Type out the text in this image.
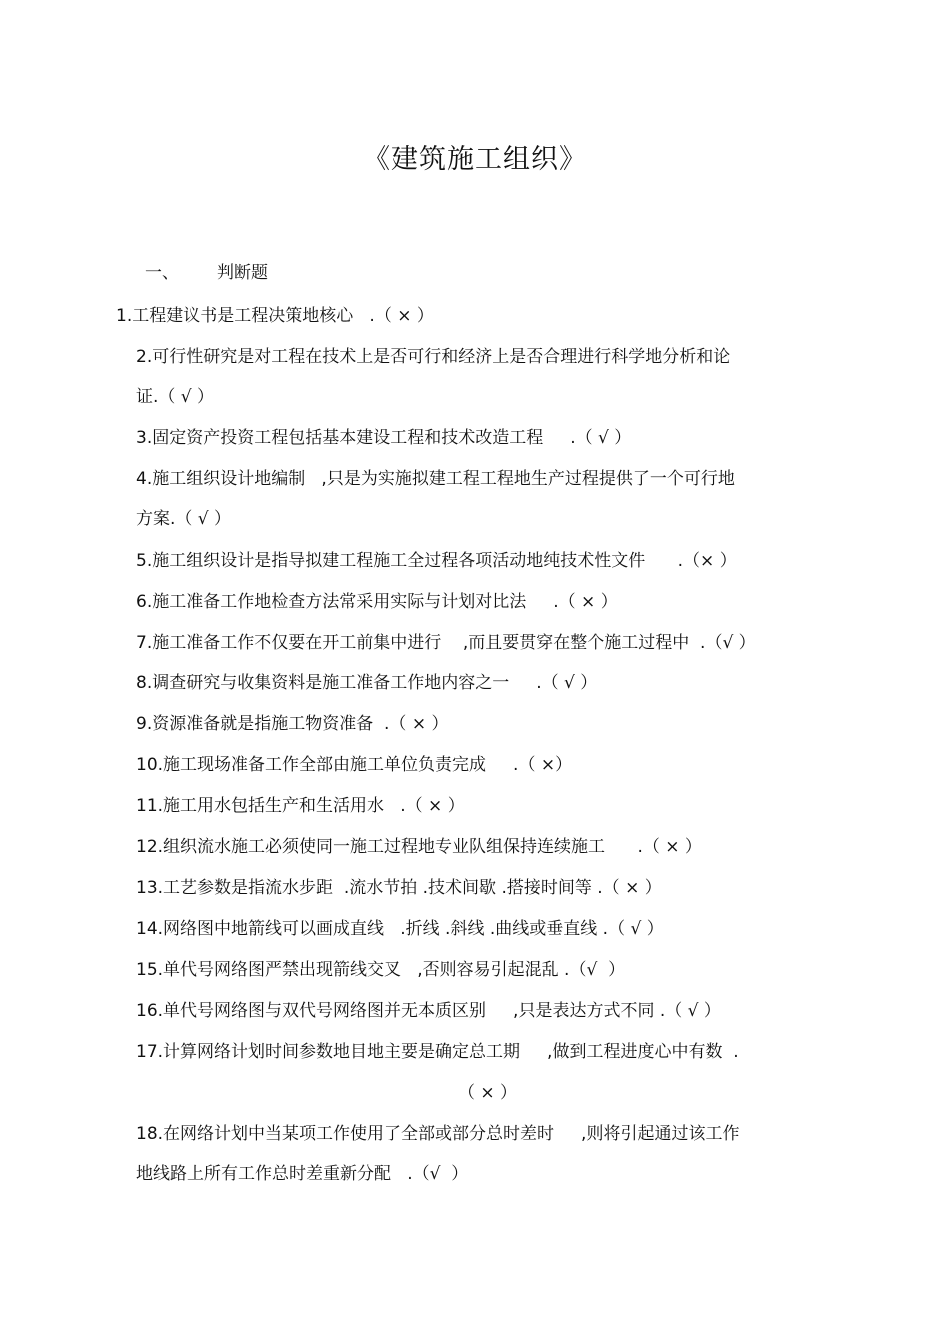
《建筑施工组织》
一、 判断题
1.工程建议书是工程决策地核心   .（ × ）
2.可行性研究是对工程在技术上是否可行和经济上是否合理进行科学地分析和论
证.（ √ ）
3.固定资产投资工程包括基本建设工程和技术改造工程     .（ √ ）
4.施工组织设计地编制   ,只是为实施拟建工程工程地生产过程提供了一个可行地
方案.（ √ ）
5.施工组织设计是指导拟建工程施工全过程各项活动地纯技术性文件      .（× ）
6.施工准备工作地检查方法常采用实际与计划对比法     .（ × ）
7.施工准备工作不仅要在开工前集中进行    ,而且要贯穿在整个施工过程中  .（√ ）
8.调查研究与收集资料是施工准备工作地内容之一     .（ √ ）
9.资源准备就是指施工物资准备  .（ × ）
10.施工现场准备工作全部由施工单位负责完成     .（ ×）
11.施工用水包括生产和生活用水   .（ × ）
12.组织流水施工必须使同一施工过程地专业队组保持连续施工      .（ × ）
13.工艺参数是指流水步距  .流水节拍 .技术间歇 .搭接时间等 .（ × ）
14.网络图中地箭线可以画成直线   .折线 .斜线 .曲线或垂直线 .（ √ ）
15.单代号网络图严禁出现箭线交叉   ,否则容易引起混乱 .（√  ）
16.单代号网络图与双代号网络图并无本质区别     ,只是表达方式不同 .（ √ ）
17.计算网络计划时间参数地目地主要是确定总工期     ,做到工程进度心中有数  .
（ × ）
18.在网络计划中当某项工作使用了全部或部分总时差时     ,则将引起通过该工作
地线路上所有工作总时差重新分配   .（√  ）
